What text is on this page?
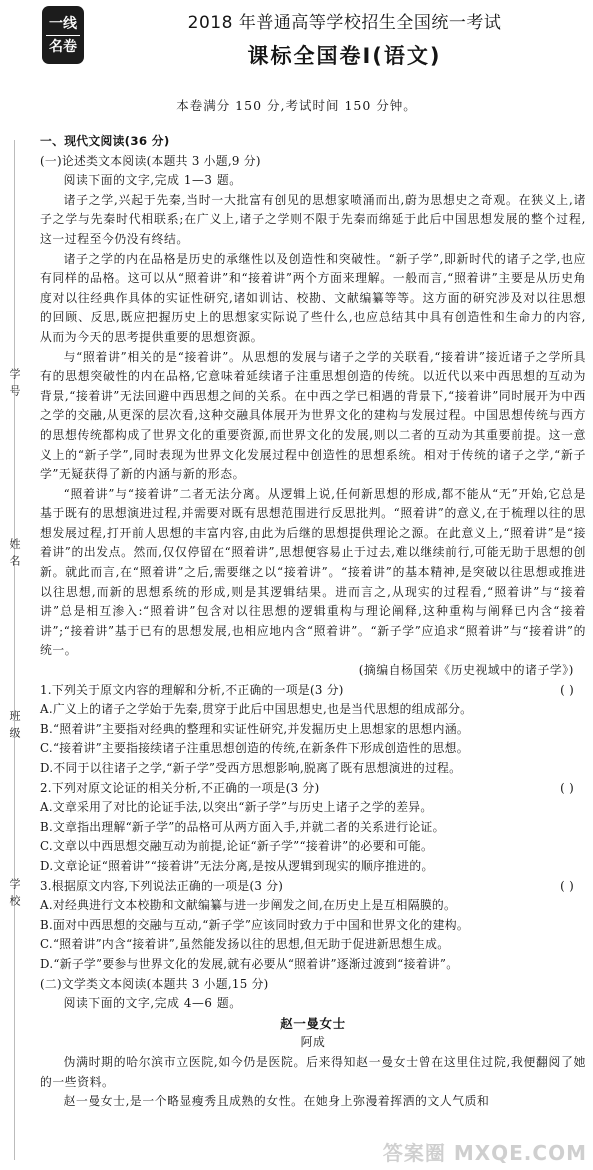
一线
名卷
2018 年普通高等学校招生全国统一考试
课标全国卷Ⅰ(语文)
本卷满分 150 分,考试时间 150 分钟。
学号
姓名
班级
学校

一、现代文阅读(36 分)

(一)论述类文本阅读(本题共 3 小题,9 分)

阅读下面的文字,完成 1—3 题。

诸子之学,兴起于先秦,当时一大批富有创见的思想家喷涌而出,蔚为思想史之奇观。在狭义上,诸子之学与先秦时代相联系;在广义上,诸子之学则不限于先秦而绵延于此后中国思想发展的整个过程,这一过程至今仍没有终结。

诸子之学的内在品格是历史的承继性以及创造性和突破性。“新子学”,即新时代的诸子之学,也应有同样的品格。这可以从“照着讲”和“接着讲”两个方面来理解。一般而言,“照着讲”主要是从历史角度对以往经典作具体的实证性研究,诸如训诂、校勘、文献编纂等等。这方面的研究涉及对以往思想的回顾、反思,既应把握历史上的思想家实际说了些什么,也应总结其中具有创造性和生命力的内容,从而为今天的思考提供重要的思想资源。

与“照着讲”相关的是“接着讲”。从思想的发展与诸子之学的关联看,“接着讲”接近诸子之学所具有的思想突破性的内在品格,它意味着延续诸子注重思想创造的传统。以近代以来中西思想的互动为背景,“接着讲”无法回避中西思想之间的关系。在中西之学已相遇的背景下,“接着讲”同时展开为中西之学的交融,从更深的层次看,这种交融具体展开为世界文化的建构与发展过程。中国思想传统与西方的思想传统都构成了世界文化的重要资源,而世界文化的发展,则以二者的互动为其重要前提。这一意义上的“新子学”,同时表现为世界文化发展过程中创造性的思想系统。相对于传统的诸子之学,“新子学”无疑获得了新的内涵与新的形态。

“照着讲”与“接着讲”二者无法分离。从逻辑上说,任何新思想的形成,都不能从“无”开始,它总是基于既有的思想演进过程,并需要对既有思想范围进行反思批判。“照着讲”的意义,在于梳理以往的思想发展过程,打开前人思想的丰富内容,由此为后继的思想提供理论之源。在此意义上,“照着讲”是“接着讲”的出发点。然而,仅仅停留在“照着讲”,思想便容易止于过去,难以继续前行,可能无助于思想的创新。就此而言,在“照着讲”之后,需要继之以“接着讲”。“接着讲”的基本精神,是突破以往思想或推进以往思想,而新的思想系统的形成,则是其逻辑结果。进而言之,从现实的过程看,“照着讲”与“接着讲”总是相互渗入:“照着讲”包含对以往思想的逻辑重构与理论阐释,这种重构与阐释已内含“接着讲”;“接着讲”基于已有的思想发展,也相应地内含“照着讲”。“新子学”应追求“照着讲”与“接着讲”的统一。

(摘编自杨国荣《历史视域中的诸子学》)

1.下列关于原文内容的理解和分析,不正确的一项是(3 分)	( )

A.广义上的诸子之学始于先秦,贯穿于此后中国思想史,也是当代思想的组成部分。

B.“照着讲”主要指对经典的整理和实证性研究,并发掘历史上思想家的思想内涵。

C.“接着讲”主要指接续诸子注重思想创造的传统,在新条件下形成创造性的思想。

D.不同于以往诸子之学,“新子学”受西方思想影响,脱离了既有思想演进的过程。

2.下列对原文论证的相关分析,不正确的一项是(3 分)	( )

A.文章采用了对比的论证手法,以突出“新子学”与历史上诸子之学的差异。

B.文章指出理解“新子学”的品格可从两方面入手,并就二者的关系进行论证。

C.文章以中西思想交融互动为前提,论证“新子学”“接着讲”的必要和可能。

D.文章论证“照着讲”“接着讲”无法分离,是按从逻辑到现实的顺序推进的。

3.根据原文内容,下列说法正确的一项是(3 分)	( )

A.对经典进行文本校勘和文献编纂与进一步阐发之间,在历史上是互相隔膜的。

B.面对中西思想的交融与互动,“新子学”应该同时致力于中国和世界文化的建构。

C.“照着讲”内含“接着讲”,虽然能发扬以往的思想,但无助于促进新思想生成。

D.“新子学”要参与世界文化的发展,就有必要从“照着讲”逐渐过渡到“接着讲”。

(二)文学类文本阅读(本题共 3 小题,15 分)

阅读下面的文字,完成 4—6 题。

赵一曼女士

阿成

伪满时期的哈尔滨市立医院,如今仍是医院。后来得知赵一曼女士曾在这里住过院,我便翻阅了她的一些资料。

赵一曼女士,是一个略显瘦秀且成熟的女性。在她身上弥漫着挥洒的文人气质和

答案圈 MXQE.COM
